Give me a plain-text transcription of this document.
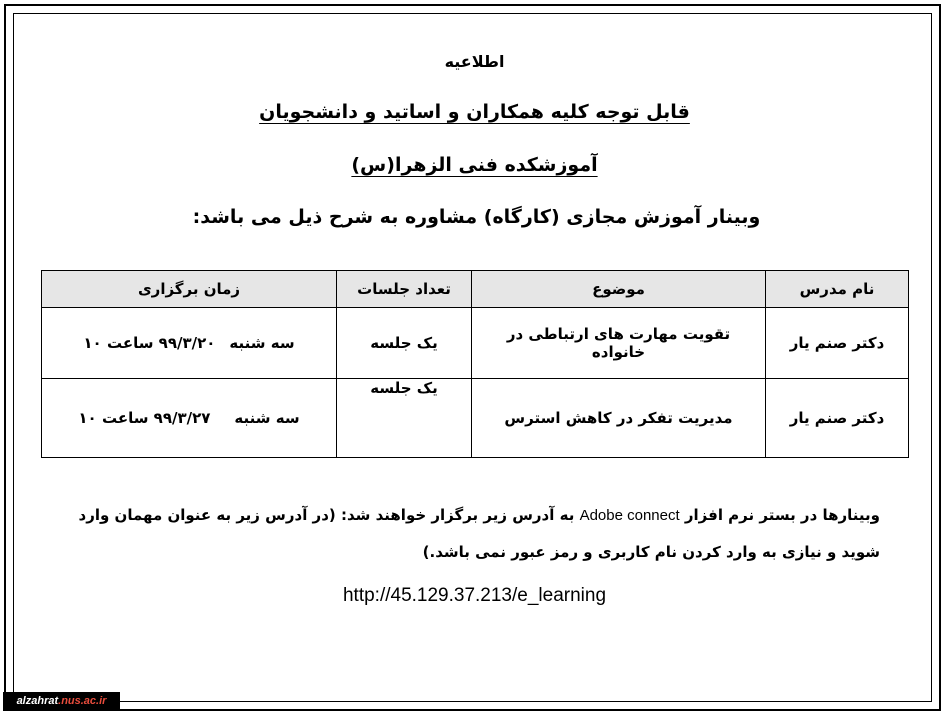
اطلاعیه
قابل توجه کلیه همکاران و اساتید و دانشجویان
آموزشکده فنی الزهرا(س)
وبینار آموزش مجازی (کارگاه) مشاوره به شرح ذیل می باشد:
نام مدرس	موضوع	تعداد جلسات	زمان برگزاری
دکتر صنم یار	تقویت مهارت های ارتباطی در خانواده	یک جلسه	سه شنبه۹۹/۳/۲۰ ساعت ۱۰
دکتر صنم یار	مدیریت تفکر در کاهش استرس	یک جلسه	سه شنبه۹۹/۳/۲۷ ساعت ۱۰
وبینارها در بستر نرم افزار Adobe connect به آدرس زیر برگزار خواهند شد: (در آدرس زیر به عنوان مهمان وارد شوید و نیازی به وارد کردن نام کاربری و رمز عبور نمی باشد.)
http://45.129.37.213/e_learning
alzahrat.nus.ac.ir
